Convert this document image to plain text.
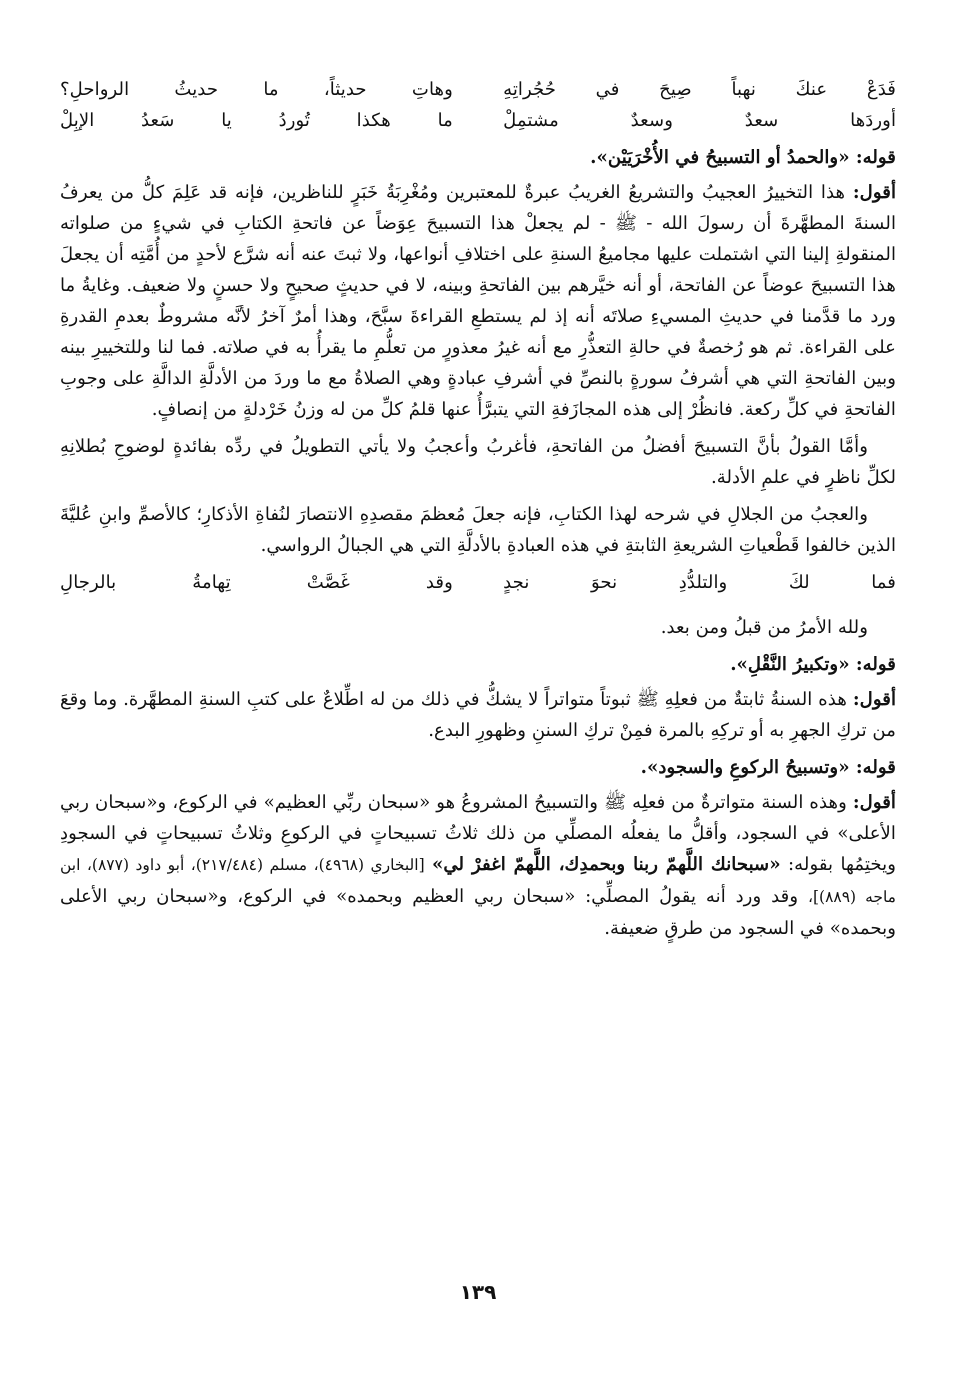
فَدَعْ عنكَ نهباً صِيحَ في حُجُراتِهِ
وهاتِ حديثاً، ما حديثُ الرواحلِ؟
أوردَها سعدٌ وسعدٌ مشتمِلْ
ما هكذا تُوردُ يا سَعدُ الإبِلْ

قوله: «والحمدُ أو التسبيحُ في الأُخْرَيَيْن».

أقول: هذا التخييرُ العجيبُ والتشريعُ الغريبُ عبرةٌ للمعتبرين ومُغْرِبَةُ خَبَرٍ للناظرين، فإنه قد عَلِمَ كلُّ من يعرفُ السنةَ المطهَّرةَ أن رسولَ الله - ﷺ - لم يجعلْ هذا التسبيحَ عِوَضاً عن فاتحةِ الكتابِ في شيءٍ من صلواته المنقولةِ إلينا التي اشتملت عليها مجاميعُ السنةِ على اختلافِ أنواعها، ولا ثبتَ عنه أنه شرَّع لأحدٍ من أُمَّتِه أن يجعلَ هذا التسبيحَ عوضاً عن الفاتحة، أو أنه خيَّرهم بين الفاتحةِ وبينه، لا في حديثٍ صحيحٍ ولا حسنٍ ولا ضعيف. وغايةُ ما ورد ما قدَّمنا في حديثِ المسيءِ صلاتَه أنه إذ لم يستطعِ القراءةَ سبَّحَ، وهذا أمرٌ آخرُ لأنَّه مشروطٌ بعدمِ القدرةِ على القراءة. ثم هو رُخصةٌ في حالةِ التعذُّرِ مع أنه غيرُ معذورٍ من تعلُّمِ ما يقرأُ به في صلاته. فما لنا وللتخييرِ بينه وبين الفاتحةِ التي هي أشرفُ سورةٍ بالنصِّ في أشرفِ عبادةٍ وهي الصلاةُ مع ما وردَ من الأدلَّةِ الدالَّةِ على وجوبِ الفاتحةِ في كلِّ ركعة. فانظُرْ إلى هذه المجازَفةِ التي يتبرَّأُ عنها قلمُ كلِّ من له وزنُ خَرْدلةٍ من إنصافٍ.

وأمَّا القولُ بأنَّ التسبيحَ أفضلُ من الفاتحةِ، فأغربُ وأعجبُ ولا يأتي التطويلُ في ردِّه بفائدةٍ لوضوحِ بُطلانِهِ لكلِّ ناظرٍ في علمِ الأدلة.

والعجبُ من الجلالِ في شرحه لهذا الكتابِ، فإنه جعلَ مُعظمَ مقصدِهِ الانتصارَ لنُفاةِ الأذكارِ؛ كالأصمِّ وابنِ عُليَّةَ الذين خالفوا قَطْعياتِ الشريعةِ الثابتةِ في هذه العبادةِ بالأدلَّةِ التي هي الجبالُ الرواسي.

فما لكَ والتلدُّدِ نحوَ نجدٍ
وقد غَصَّتْ تِهامةُ بالرجالِ

ولله الأمرُ من قبلُ ومن بعد.

قوله: «وتكبيرُ النَّقْلِ».

أقول: هذه السنةُ ثابتةٌ من فعلِهِ ﷺ ثبوتاً متواتراً لا يشكُّ في ذلك من له اطِّلاعٌ على كتبِ السنةِ المطهَّرة. وما وقعَ من تركِ الجهرِ به أو تركِهِ بالمرة فمِنْ تركِ السننِ وظهورِ البدع.

قوله: «وتسبيحُ الركوعِ والسجود».

أقول: وهذه السنة متواترةٌ من فعلِه ﷺ والتسبيحُ المشروعُ هو «سبحان ربِّي العظيم» في الركوع، و«سبحان ربي الأعلى» في السجود، وأقلُّ ما يفعلُه المصلِّي من ذلك ثلاثُ تسبيحاتٍ في الركوعِ وثلاثُ تسبيحاتٍ في السجودِ ويختِمُها بقوله: «سبحانك اللَّهمّ ربنا وبحمدِك، اللَّهمّ اغفرْ لي» [البخاري (٤٩٦٨)، مسلم (٢١٧/٤٨٤)، أبو داود (٨٧٧)، ابن ماجه (٨٨٩)]، وقد ورد أنه يقولُ المصلِّي: «سبحان ربي العظيم وبحمده» في الركوع، و«سبحان ربي الأعلى وبحمده» في السجود من طرقٍ ضعيفة.

١٣٩
